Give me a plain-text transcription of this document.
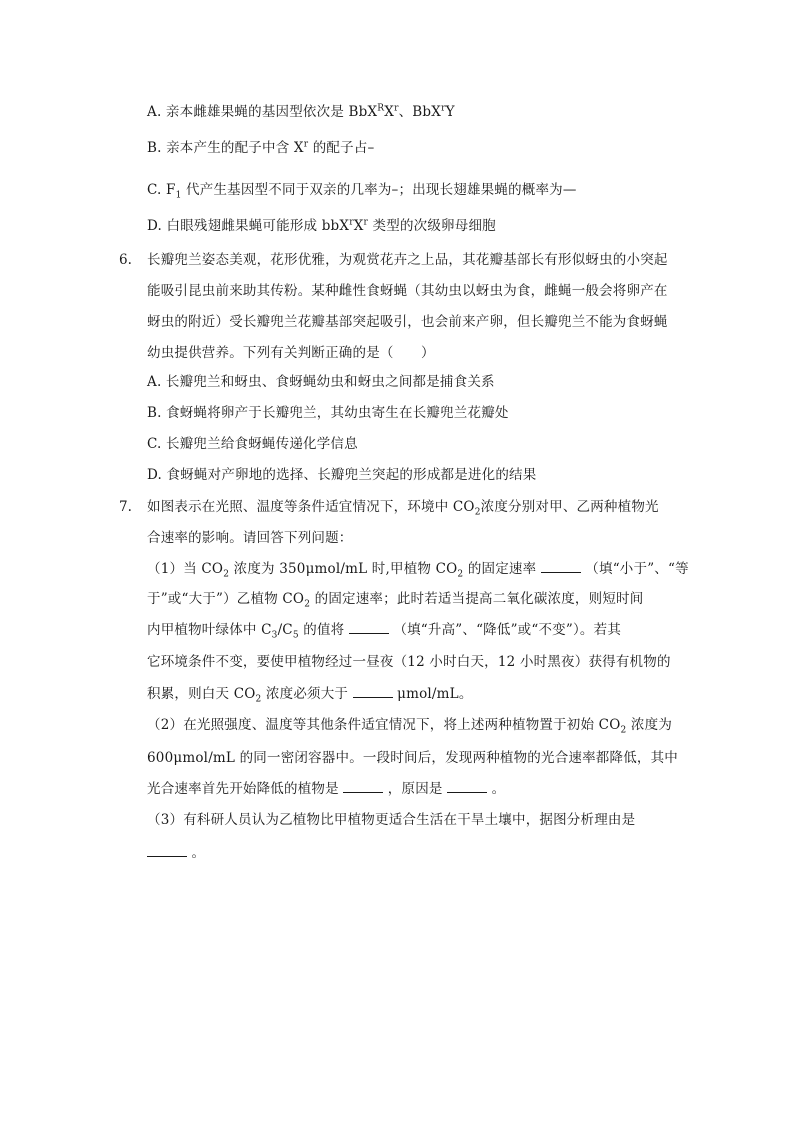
A. 亲本雌雄果蝇的基因型依次是 $BbX^RX^r$、BbX$^r$Y
B. 亲本产生的配子中含 $X^r$ 的配子占–
C. $F_1$ 代产生基因型不同于双亲的几率为–；出现长翅雄果蝇的概率为—
D. 白眼残翅雌果蝇可能形成 $bbX^rX^r$ 类型的次级卵母细胞
6. 长瓣兜兰姿态美观，花形优雅，为观赏花卉之上品，其花瓣基部长有形似蚜虫的小突起
能吸引昆虫前来助其传粉。某种雌性食蚜蝇（其幼虫以蚜虫为食，雌蝇一般会将卵产在
蚜虫的附近）受长瓣兜兰花瓣基部突起吸引，也会前来产卵，但长瓣兜兰不能为食蚜蝇
幼虫提供营养。下列有关判断正确的是（　　）
A. 长瓣兜兰和蚜虫、食蚜蝇幼虫和蚜虫之间都是捕食关系
B. 食蚜蝇将卵产于长瓣兜兰，其幼虫寄生在长瓣兜兰花瓣处
C. 长瓣兜兰给食蚜蝇传递化学信息
D. 食蚜蝇对产卵地的选择、长瓣兜兰突起的形成都是进化的结果
7. 如图表示在光照、温度等条件适宜情况下，环境中 $CO_2$浓度分别对甲、乙两种植物光
合速率的影响。请回答下列问题：
（1）当 $CO_2$ 浓度为 350μmol/mL 时,甲植物 $CO_2$ 的固定速率	（填“小于”、“等
于”或“大于”）乙植物 $CO_2$ 的固定速率；此时若适当提高二氧化碳浓度，则短时间
内甲植物叶绿体中 $C_3/C_5$ 的值将	（填“升高”、“降低”或“不变”）。若其
它环境条件不变，要使甲植物经过一昼夜（12 小时白天，12 小时黑夜）获得有机物的
积累，则白天 $CO_2$ 浓度必须大于	μmol/mL。
（2）在光照强度、温度等其他条件适宜情况下，将上述两种植物置于初始 $CO_2$ 浓度为
600μmol/mL 的同一密闭容器中。一段时间后，发现两种植物的光合速率都降低，其中
光合速率首先开始降低的植物是	，原因是	。
（3）有科研人员认为乙植物比甲植物更适合生活在干旱土壤中，据图分析理由是
。
